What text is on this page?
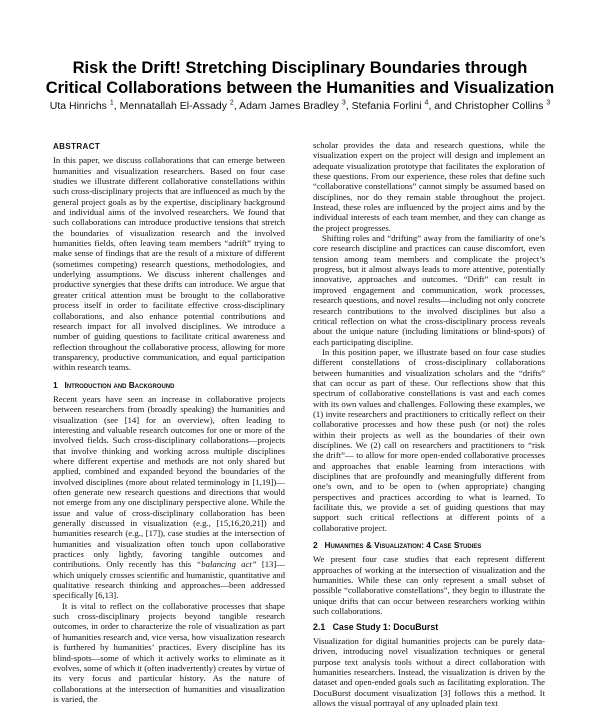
Risk the Drift! Stretching Disciplinary Boundaries through
Critical Collaborations between the Humanities and Visualization
Uta Hinrichs $^1$, Mennatallah El-Assady $^2$, Adam James Bradley $^3$, Stefania Forlini $^4$, and Christopher Collins $^3$
ABSTRACT

In this paper, we discuss collaborations that can emerge between humanities and visualization researchers. Based on four case studies we illustrate different collaborative constellations within such cross-disciplinary projects that are influenced as much by the general project goals as by the expertise, disciplinary background and individual aims of the involved researchers. We found that such collaborations can introduce productive tensions that stretch the boundaries of visualization research and the involved humanities fields, often leaving team members “adrift” trying to make sense of findings that are the result of a mixture of different (sometimes competing) research questions, methodologies, and underlying assumptions. We discuss inherent challenges and productive synergies that these drifts can introduce. We argue that greater critical attention must be brought to the collaborative process itself in order to facilitate effective cross-disciplinary collaborations, and also enhance potential contributions and research impact for all involved disciplines. We introduce a number of guiding questions to facilitate critical awareness and reflection throughout the collaborative process, allowing for more transparency, productive communication, and equal participation within research teams.

1 Introduction and Background

Recent years have seen an increase in collaborative projects between researchers from (broadly speaking) the humanities and visualization (see [14] for an overview), often leading to interesting and valuable research outcomes for one or more of the involved fields. Such cross-disciplinary collaborations—projects that involve thinking and working across multiple disciplines where different expertise and methods are not only shared but applied, combined and expanded beyond the boundaries of the involved disciplines (more about related terminology in [1,19])—often generate new research questions and directions that would not emerge from any one disciplinary perspective alone. While the issue and value of cross-disciplinary collaboration has been generally discussed in visualization (e.g., [15,16,20,21]) and humanities research (e.g., [17]), case studies at the intersection of humanities and visualization often touch upon collaborative practices only lightly, favoring tangible outcomes and contributions. Only recently has this “balancing act” [13]—which uniquely crosses scientific and humanistic, quantitative and qualitative research thinking and approaches—been addressed specifically [6,13].

It is vital to reflect on the collaborative processes that shape such cross-disciplinary projects beyond tangible research outcomes, in order to characterize the role of visualization as part of humanities research and, vice versa, how visualization research is furthered by humanities’ practices. Every discipline has its blind-spots—some of which it actively works to eliminate as it evolves, some of which it (often inadvertently) creates by virtue of its very focus and particular history. As the nature of collaborations at the intersection of humanities and visualization is varied, the

scholar provides the data and research questions, while the visualization expert on the project will design and implement an adequate visualization prototype that facilitates the exploration of these questions. From our experience, these roles that define such “collaborative constellations” cannot simply be assumed based on disciplines, nor do they remain stable throughout the project. Instead, these roles are influenced by the project aims and by the individual interests of each team member, and they can change as the project progresses.

Shifting roles and “drifting” away from the familiarity of one’s core research discipline and practices can cause discomfort, even tension among team members and complicate the project’s progress, but it almost always leads to more attentive, potentially innovative, approaches and outcomes. “Drift” can result in improved engagement and communication, work processes, research questions, and novel results—including not only concrete research contributions to the involved disciplines but also a critical reflection on what the cross-disciplinary process reveals about the unique nature (including limitations or blind-spots) of each participating discipline.

In this position paper, we illustrate based on four case studies different constellations of cross-disciplinary collaborations between humanities and visualization scholars and the “drifts” that can occur as part of these. Our reflections show that this spectrum of collaborative constellations is vast and each comes with its own values and challenges. Following these examples, we (1) invite researchers and practitioners to critically reflect on their collaborative processes and how these push (or not) the roles within their projects as well as the boundaries of their own disciplines. We (2) call on researchers and practitioners to “risk the drift”— to allow for more open-ended collaborative processes and approaches that enable learning from interactions with disciplines that are profoundly and meaningfully different from one’s own, and to be open to (when appropriate) changing perspectives and practices according to what is learned. To facilitate this, we provide a set of guiding questions that may support such critical reflections at different points of a collaborative project.

2 Humanities & Visualization: 4 Case Studies

We present four case studies that each represent different approaches of working at the intersection of visualization and the humanities. While these can only represent a small subset of possible “collaborative constellations”, they begin to illustrate the unique drifts that can occur between researchers working within such collaborations.

2.1 Case Study 1: DocuBurst

Visualization for digital humanities projects can be purely data-driven, introducing novel visualization techniques or general purpose text analysis tools without a direct collaboration with humanities researchers. Instead, the visualization is driven by the dataset and open-ended goals such as facilitating exploration. The DocuBurst document visualization [3] follows this a method. It allows the visual portrayal of any uploaded plain text
